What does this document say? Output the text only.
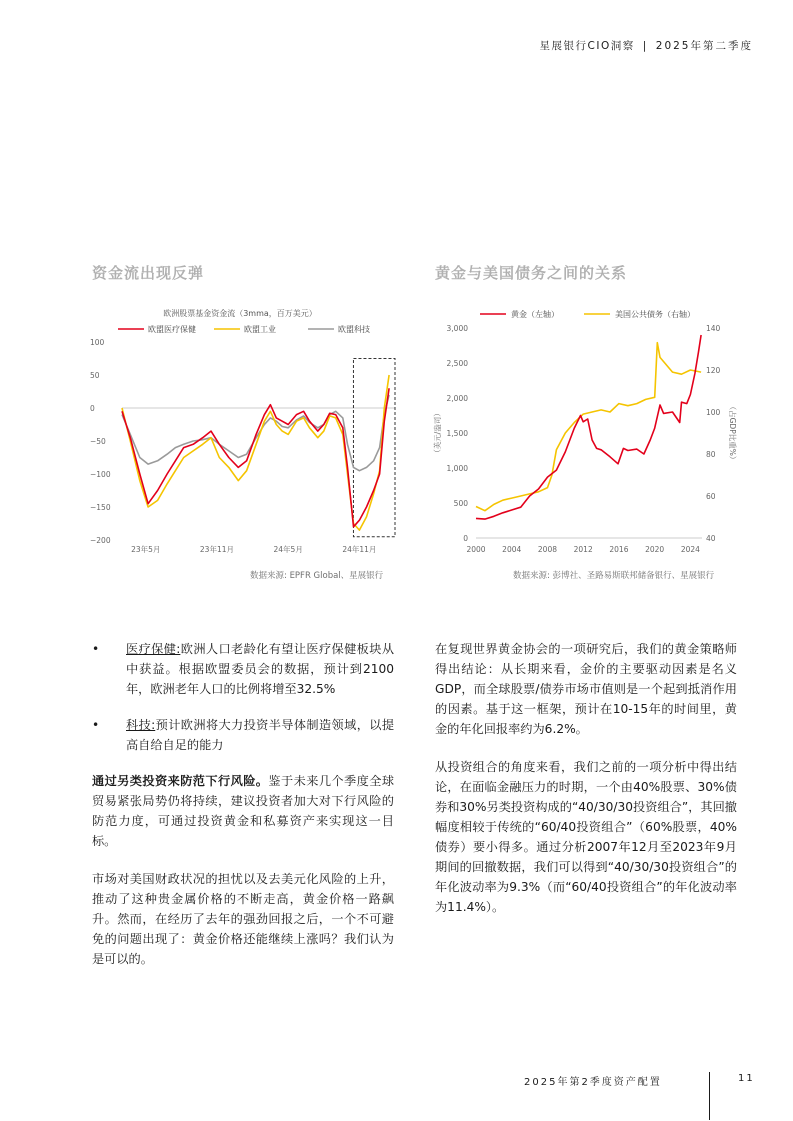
星展银行CIO洞察 | 2025年第二季度
资金流出现反弹	黄金与美国债务之间的关系
欧洲股票基金资金流（3mma，百万美元）
欧盟医疗保健	欧盟工业	欧盟科技
100
50
0
−50
−100
−150
−200
23年5月	23年11月	24年5月	24年11月
数据来源: EPFR Global、星展银行
黄金（左轴）	美国公共债务（右轴）
0
500
1,000
1,500
2,000
2,500
3,000
40
60
80
100
120
140
（美元/盎司）	（占GDP比重%）
2000 2004 2008 2012 2016 2020 2024
数据来源: 彭博社、圣路易斯联邦储备银行、星展银行
• 医疗保健:欧洲人口老龄化有望让医疗保健板块从中获益。根据欧盟委员会的数据，预计到2100年，欧洲老年人口的比例将增至32.5%
• 科技:预计欧洲将大力投资半导体制造领域，以提高自给自足的能力

通过另类投资来防范下行风险。鉴于未来几个季度全球贸易紧张局势仍将持续，建议投资者加大对下行风险的防范力度，可通过投资黄金和私募资产来实现这一目标。

市场对美国财政状况的担忧以及去美元化风险的上升，推动了这种贵金属价格的不断走高，黄金价格一路飙升。然而，在经历了去年的强劲回报之后，一个不可避免的问题出现了：黄金价格还能继续上涨吗？我们认为是可以的。

在复现世界黄金协会的一项研究后，我们的黄金策略师得出结论：从长期来看，金价的主要驱动因素是名义GDP，而全球股票/债券市场市值则是一个起到抵消作用的因素。基于这一框架，预计在10-15年的时间里，黄金的年化回报率约为6.2%。

从投资组合的角度来看，我们之前的一项分析中得出结论，在面临金融压力的时期，一个由40%股票、30%债券和30%另类投资构成的“40/30/30投资组合”，其回撤幅度相较于传统的“60/40投资组合”（60%股票，40%债券）要小得多。通过分析2007年12月至2023年9月期间的回撤数据，我们可以得到“40/30/30投资组合”的年化波动率为9.3%（而“60/40投资组合”的年化波动率为11.4%）。

2025年第2季度资产配置	11
